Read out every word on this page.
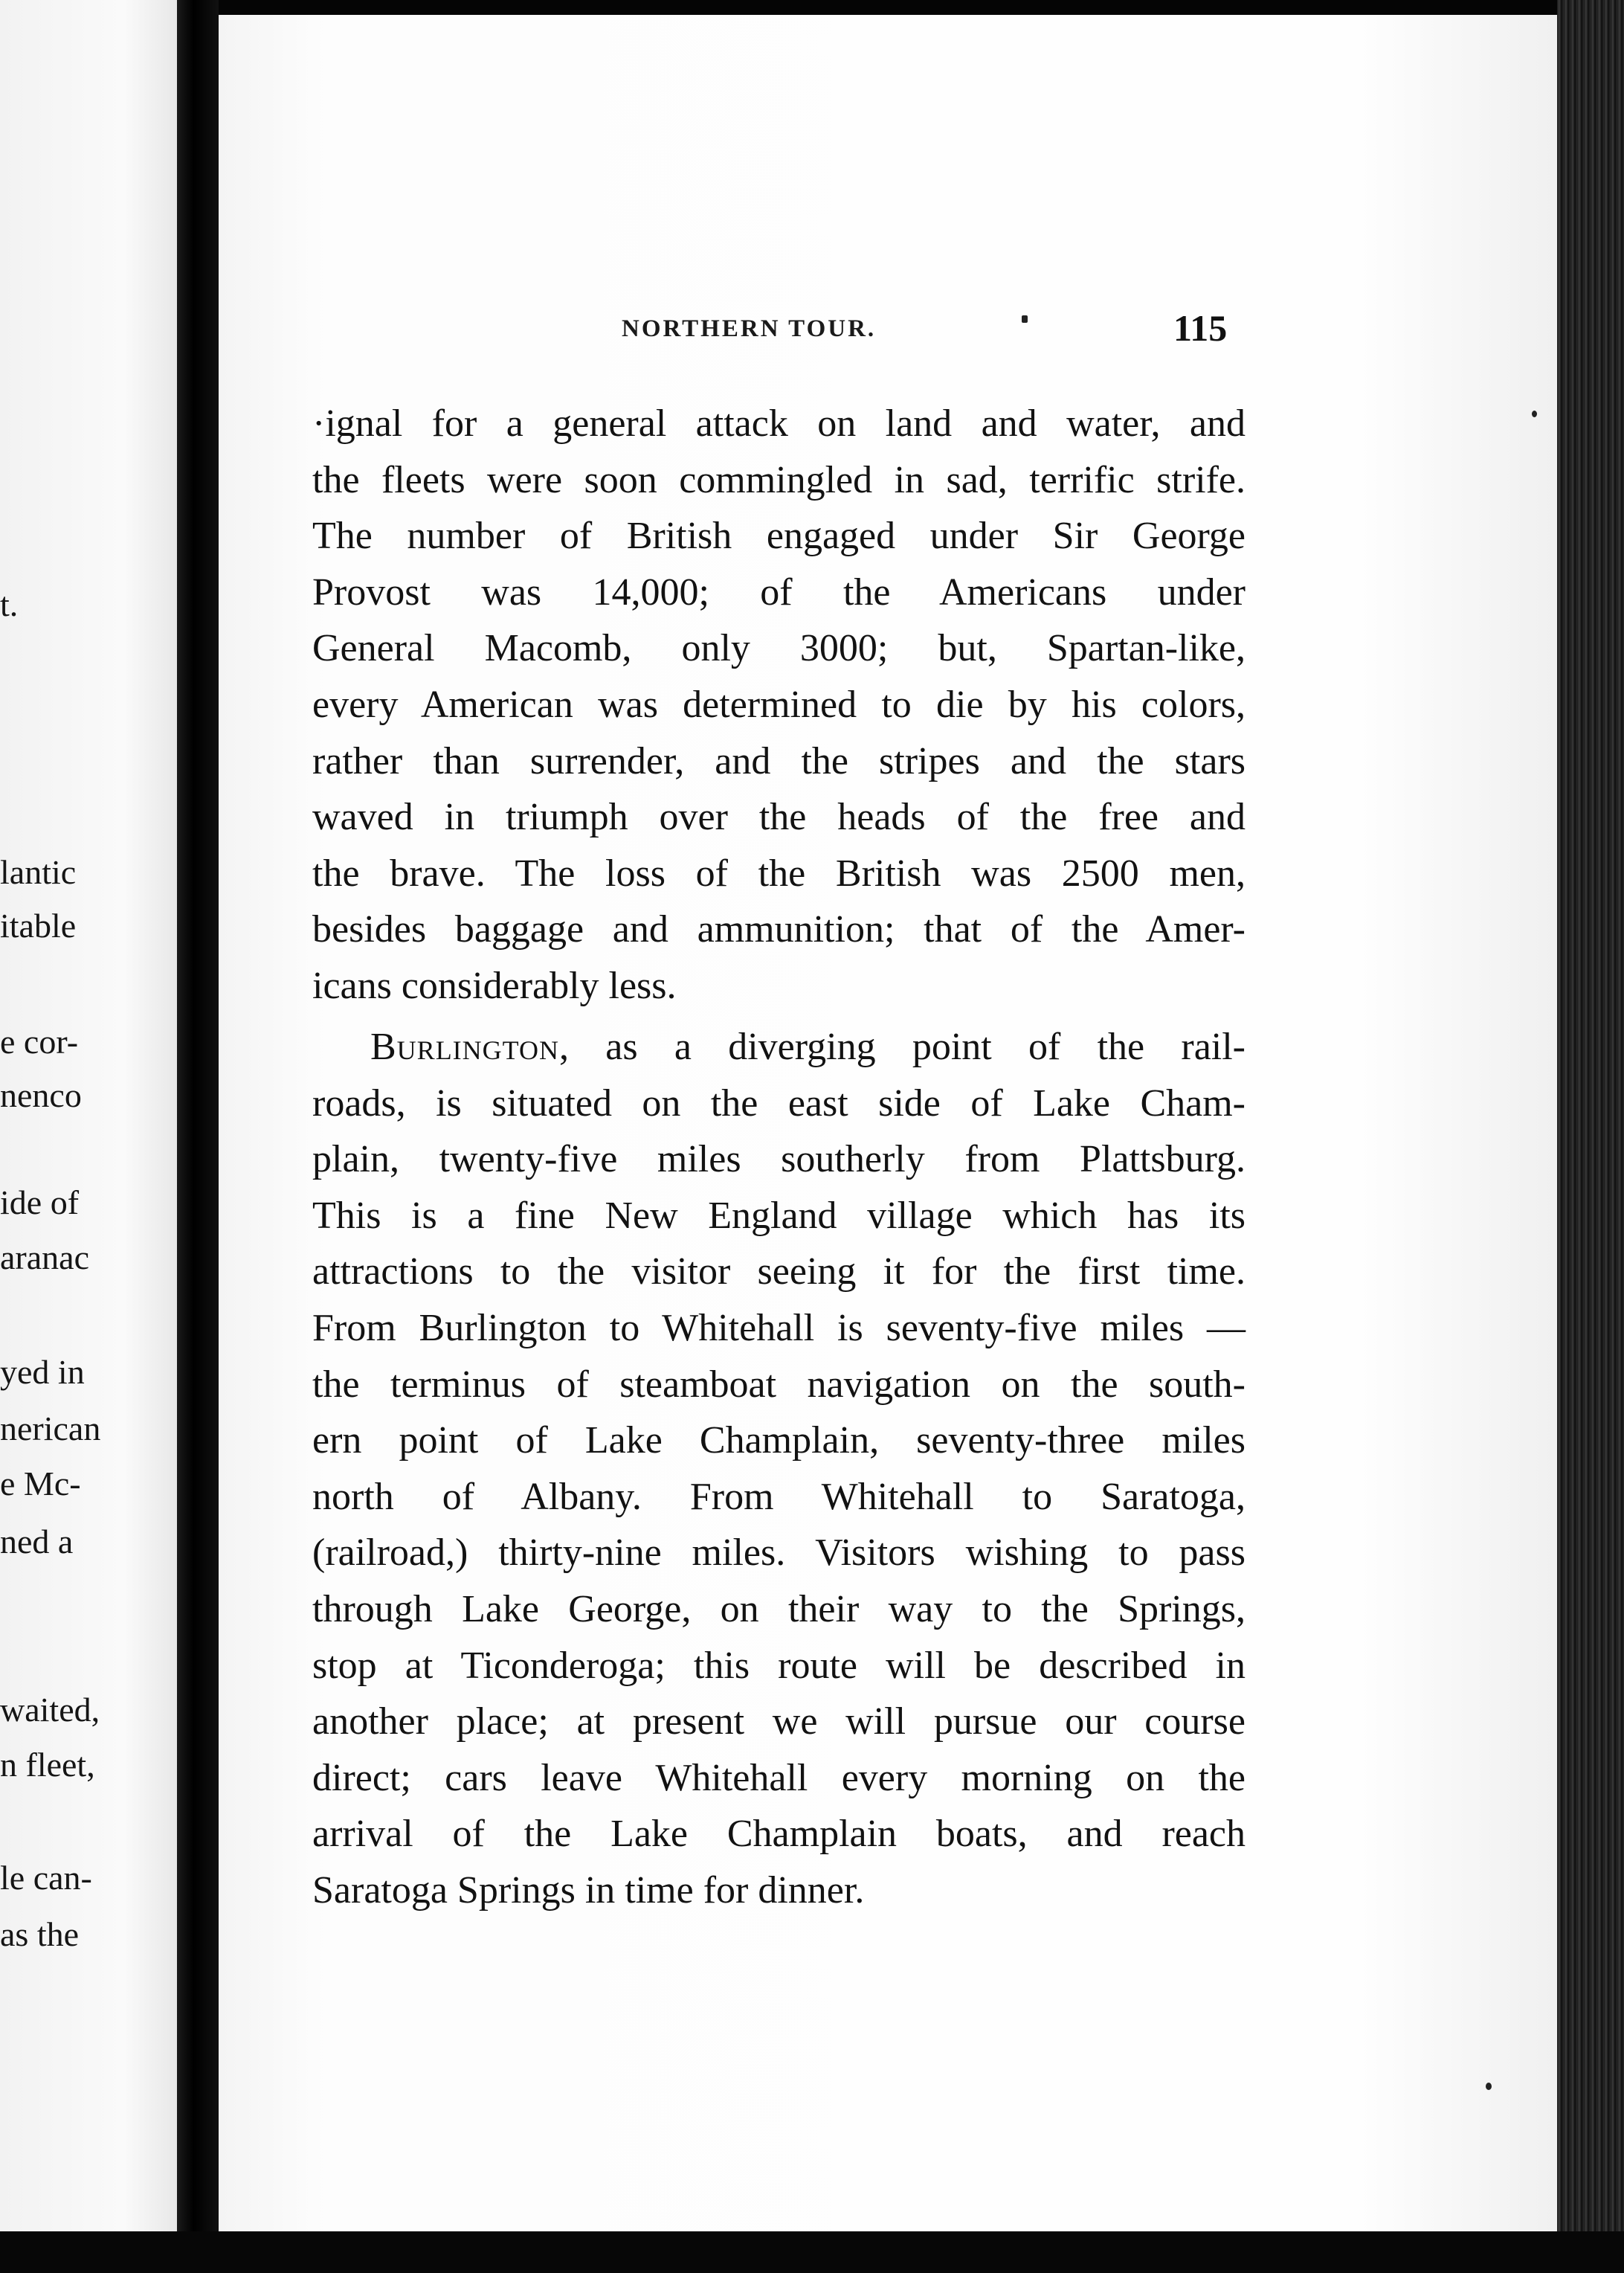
t.
lantic
itable
e cor-
nenco
ide of
aranac
yed in
nerican
e Mc-
ned a
waited,
n fleet,
le can-
as the
NORTHERN TOUR.	115
·ignal for a general attack on land and water, and
the fleets were soon commingled in sad, terrific strife.
The number of British engaged under Sir George
Provost was 14,000; of the Americans under
General Macomb, only 3000; but, Spartan-like,
every American was determined to die by his colors,
rather than surrender, and the stripes and the stars
waved in triumph over the heads of the free and
the brave. The loss of the British was 2500 men,
besides baggage and ammunition; that of the Amer-
icans considerably less.
Burlington, as a diverging point of the rail-
roads, is situated on the east side of Lake Cham-
plain, twenty-five miles southerly from Plattsburg.
This is a fine New England village which has its
attractions to the visitor seeing it for the first time.
From Burlington to Whitehall is seventy-five miles —
the terminus of steamboat navigation on the south-
ern point of Lake Champlain, seventy-three miles
north of Albany. From Whitehall to Saratoga,
(railroad,) thirty-nine miles. Visitors wishing to pass
through Lake George, on their way to the Springs,
stop at Ticonderoga; this route will be described in
another place; at present we will pursue our course
direct; cars leave Whitehall every morning on the
arrival of the Lake Champlain boats, and reach
Saratoga Springs in time for dinner.
